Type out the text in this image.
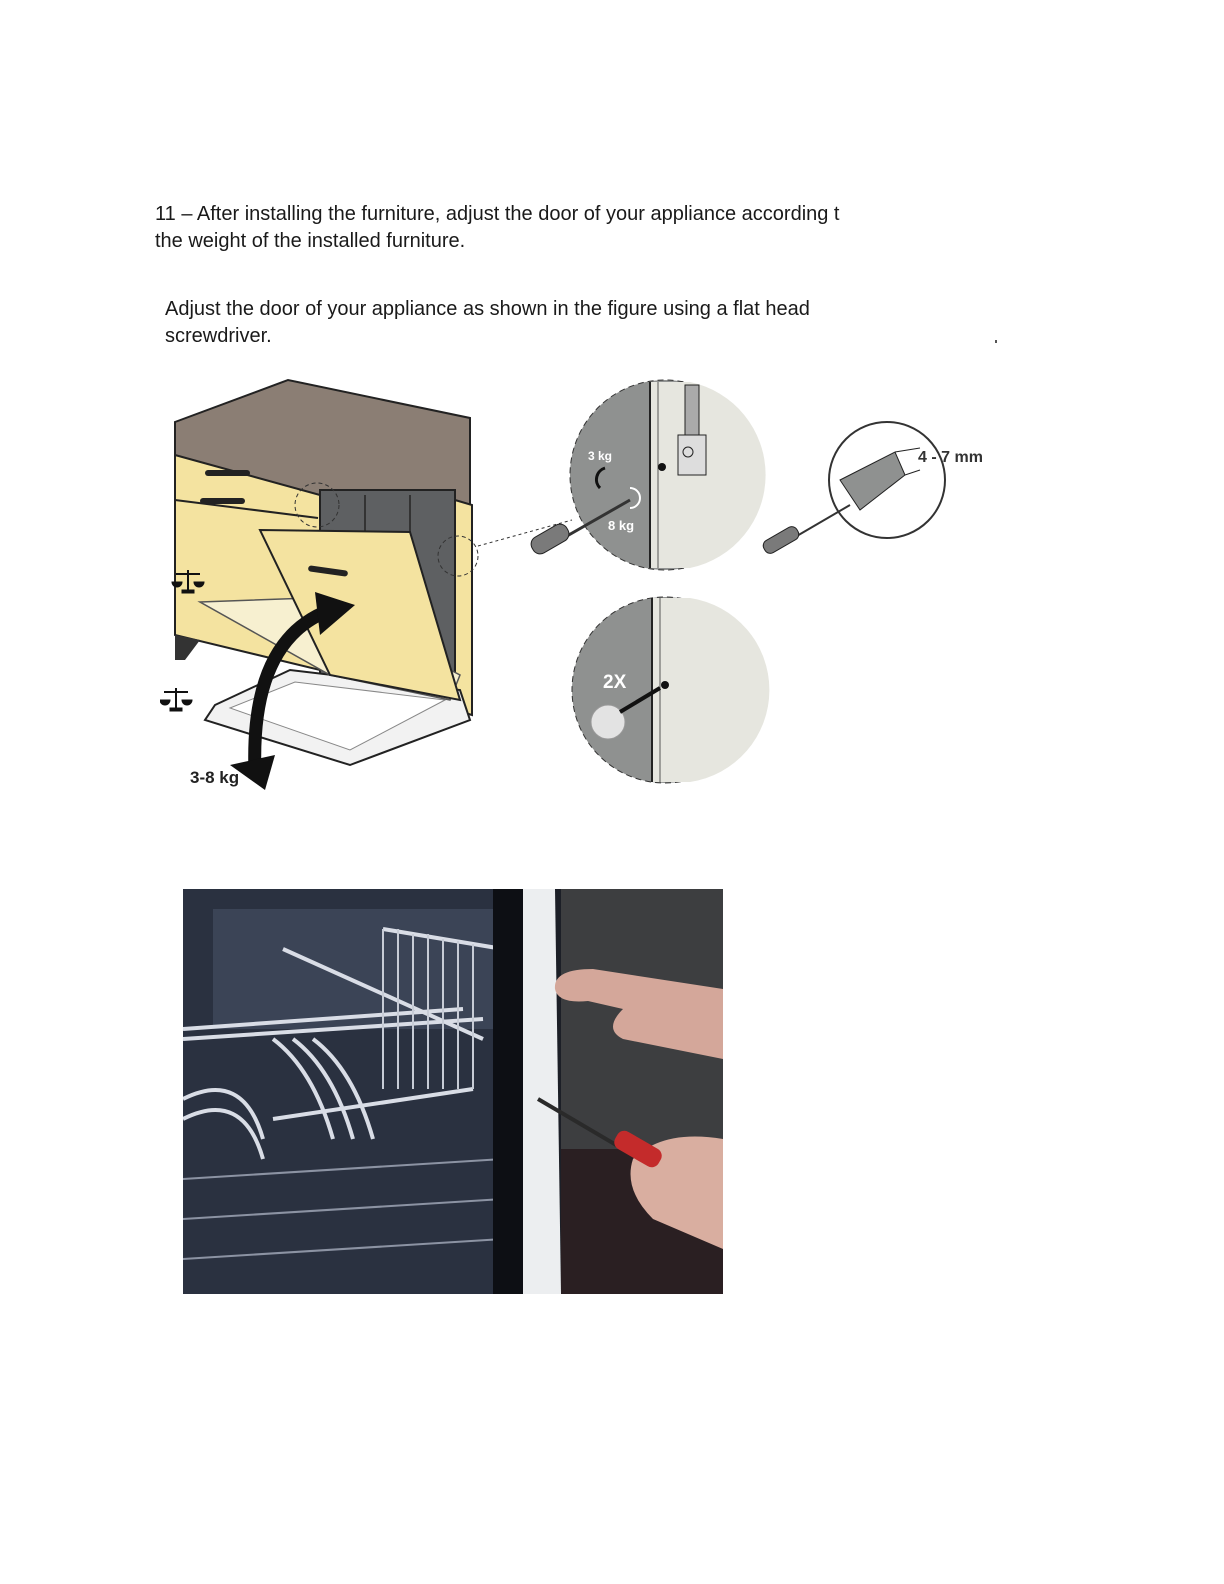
11 – After installing the furniture, adjust the door of your appliance according t
the weight of the installed furniture.

Adjust the door of your appliance as shown in the figure using a flat head
screwdriver.

3-8 kg
3 kg
8 kg
4 - 7 mm
2X
